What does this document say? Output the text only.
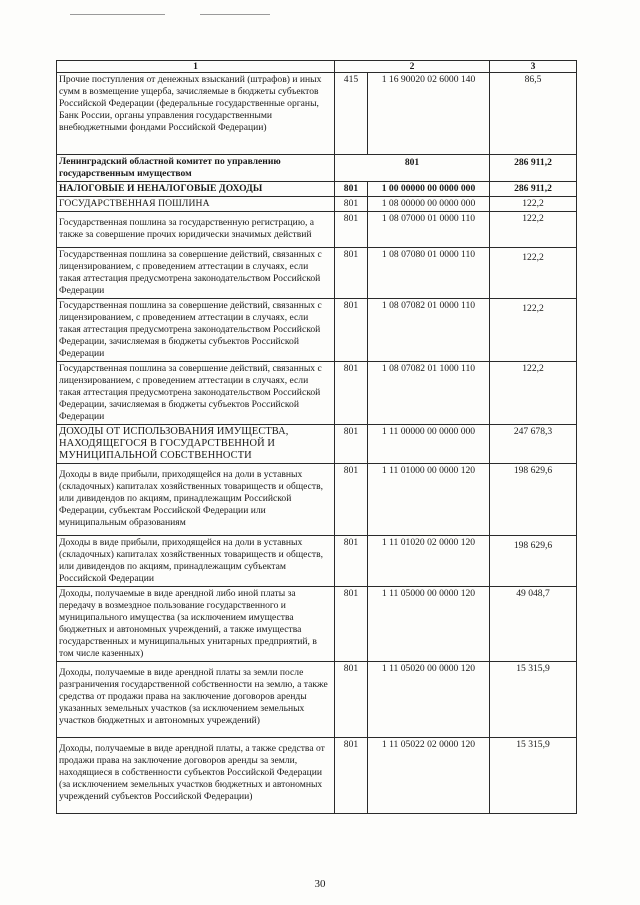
1	2		3
Прочие поступления от денежных взысканий (штрафов) и иных сумм в возмещение ущерба, зачисляемые в бюджеты субъектов Российской Федерации (федеральные государственные органы, Банк России, органы управления государственными внебюджетными фондами Российской Федерации)	415	1 16 90020 02 6000 140	86,5
Ленинградский областной комитет по управлению государственным имуществом	801		286 911,2
НАЛОГОВЫЕ И НЕНАЛОГОВЫЕ ДОХОДЫ	801	1 00 00000 00 0000 000	286 911,2
ГОСУДАРСТВЕННАЯ ПОШЛИНА	801	1 08 00000 00 0000 000	122,2
Государственная пошлина за государственную регистрацию, а также за совершение прочих юридически значимых действий	801	1 08 07000 01 0000 110	122,2
Государственная пошлина за совершение действий, связанных с лицензированием, с проведением аттестации в случаях, если такая аттестация предусмотрена законодательством Российской Федерации	801	1 08 07080 01 0000 110	122,2
Государственная пошлина за совершение действий, связанных с лицензированием, с проведением аттестации в случаях, если такая аттестация предусмотрена законодательством Российской Федерации, зачисляемая в бюджеты субъектов Российской Федерации	801	1 08 07082 01 0000 110	122,2
Государственная пошлина за совершение действий, связанных с лицензированием, с проведением аттестации в случаях, если такая аттестация предусмотрена законодательством Российской Федерации, зачисляемая в бюджеты субъектов Российской Федерации	801	1 08 07082 01 1000 110	122,2
ДОХОДЫ ОТ ИСПОЛЬЗОВАНИЯ ИМУЩЕСТВА, НАХОДЯЩЕГОСЯ В ГОСУДАРСТВЕННОЙ И МУНИЦИПАЛЬНОЙ СОБСТВЕННОСТИ	801	1 11 00000 00 0000 000	247 678,3
Доходы в виде прибыли, приходящейся на доли в уставных (складочных) капиталах хозяйственных товариществ и обществ, или дивидендов по акциям, принадлежащим Российской Федерации, субъектам Российской Федерации или муниципальным образованиям	801	1 11 01000 00 0000 120	198 629,6
Доходы в виде прибыли, приходящейся на доли в уставных (складочных) капиталах хозяйственных товариществ и обществ, или дивидендов по акциям, принадлежащим субъектам Российской Федерации	801	1 11 01020 02 0000 120	198 629,6
Доходы, получаемые в виде арендной либо иной платы за передачу в возмездное пользование государственного и муниципального имущества (за исключением имущества бюджетных и автономных учреждений, а также имущества государственных и муниципальных унитарных предприятий, в том числе казенных)	801	1 11 05000 00 0000 120	49 048,7
Доходы, получаемые в виде арендной платы за земли после разграничения государственной собственности на землю, а также средства от продажи права на заключение договоров аренды указанных земельных участков (за исключением земельных участков бюджетных и автономных учреждений)	801	1 11 05020 00 0000 120	15 315,9
Доходы, получаемые в виде арендной платы, а также средства от продажи права на заключение договоров аренды за земли, находящиеся в собственности субъектов Российской Федерации (за исключением земельных участков бюджетных и автономных учреждений субъектов Российской Федерации)	801	1 11 05022 02 0000 120	15 315,9
30
